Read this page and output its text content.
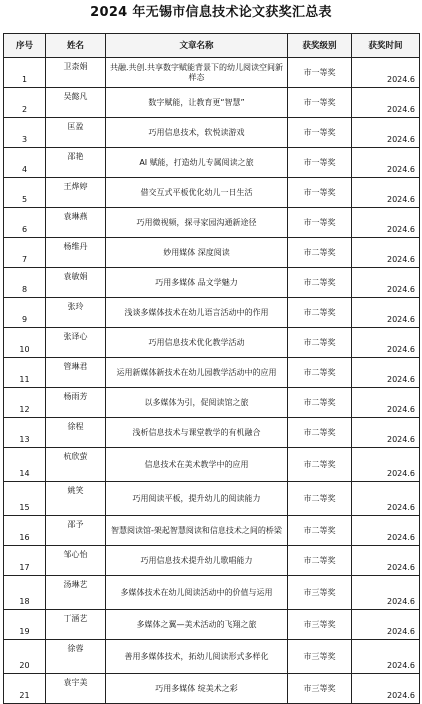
2024 年无锡市信息技术论文获奖汇总表
序号	姓名	文章名称	获奖级别	获奖时间
1	卫柰娟	共融.共创.共享数字赋能背景下的幼儿阅读空间新样态	市一等奖	2024.6
2	吴懿凡	数字赋能，让教育更“智慧”	市一等奖	2024.6
3	匡盈	巧用信息技术，软悦读游戏	市一等奖	2024.6
4	邵艳	AI 赋能，打造幼儿专属阅读之旅	市一等奖	2024.6
5	王烨婷	借交互式平板优化幼儿一日生活	市一等奖	2024.6
6	袁琳燕	巧用微视频，探寻家园沟通新途径	市一等奖	2024.6
7	杨维丹	妙用媒体 深度阅读	市二等奖	2024.6
8	袁敏娟	巧用多媒体 品文学魅力	市二等奖	2024.6
9	张玲	浅谈多媒体技术在幼儿语言活动中的作用	市二等奖	2024.6
10	张译心	巧用信息技术优化教学活动	市二等奖	2024.6
11	管琳君	运用新媒体新技术在幼儿园教学活动中的应用	市二等奖	2024.6
12	杨雨芳	以多媒体为引，促阅读馆之旅	市二等奖	2024.6
13	徐程	浅析信息技术与课堂教学的有机融合	市二等奖	2024.6
14	杭欣萤	信息技术在美术教学中的应用	市二等奖	2024.6
15	姚笑	巧用阅读平板，提升幼儿的阅读能力	市二等奖	2024.6
16	邵予	智慧阅读馆-架起智慧阅读和信息技术之间的桥梁	市二等奖	2024.6
17	邹心怡	巧用信息技术提升幼儿歌唱能力	市二等奖	2024.6
18	汤琳艺	多媒体技术在幼儿阅读活动中的价值与运用	市三等奖	2024.6
19	丁涵艺	多媒体之翼—美术活动的飞翔之旅	市三等奖	2024.6
20	徐蓉	善用多媒体技术，拓幼儿阅读形式多样化	市三等奖	2024.6
21	袁宇美	巧用多媒体 绽美术之彩	市三等奖	2024.6
